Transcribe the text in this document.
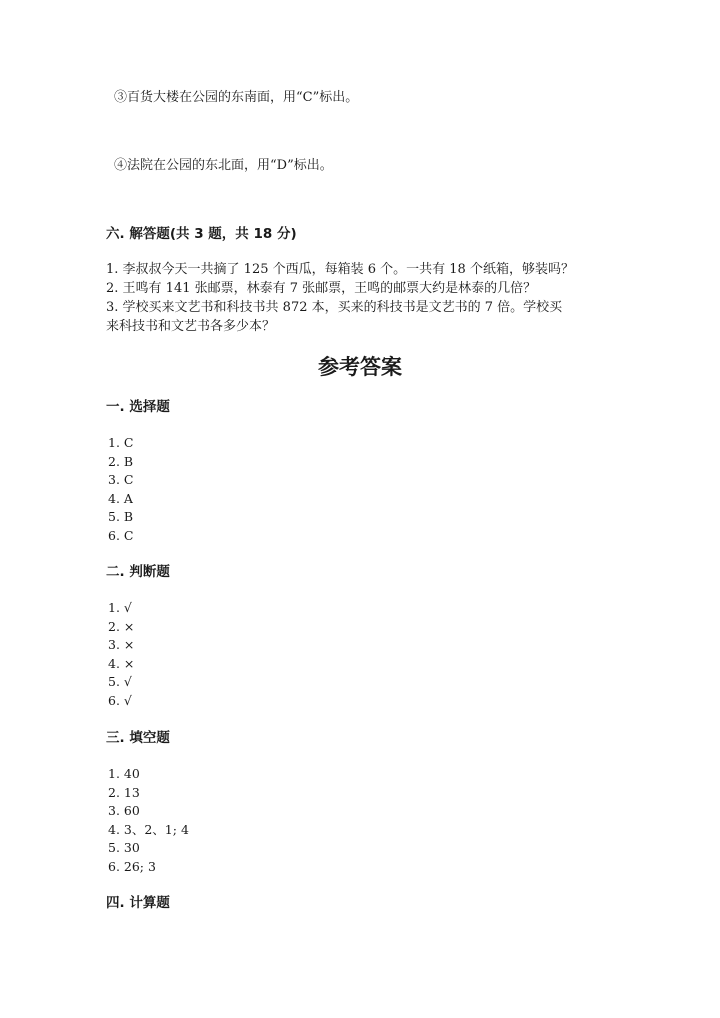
③百货大楼在公园的东南面，用“C”标出。
④法院在公园的东北面，用“D”标出。
六. 解答题(共 3 题，共 18 分)
1. 李叔叔今天一共摘了 125 个西瓜，每箱装 6 个。一共有 18 个纸箱，够装吗？
2. 王鸣有 141 张邮票，林泰有 7 张邮票，王鸣的邮票大约是林泰的几倍？
3. 学校买来文艺书和科技书共 872 本，买来的科技书是文艺书的 7 倍。学校买
来科技书和文艺书各多少本？
参考答案
一. 选择题
1. C
2. B
3. C
4. A
5. B
6. C
二. 判断题
1. √
2. ×
3. ×
4. ×
5. √
6. √
三. 填空题
1. 40
2. 13
3. 60
4. 3、2、1; 4
5. 30
6. 26; 3
四. 计算题
